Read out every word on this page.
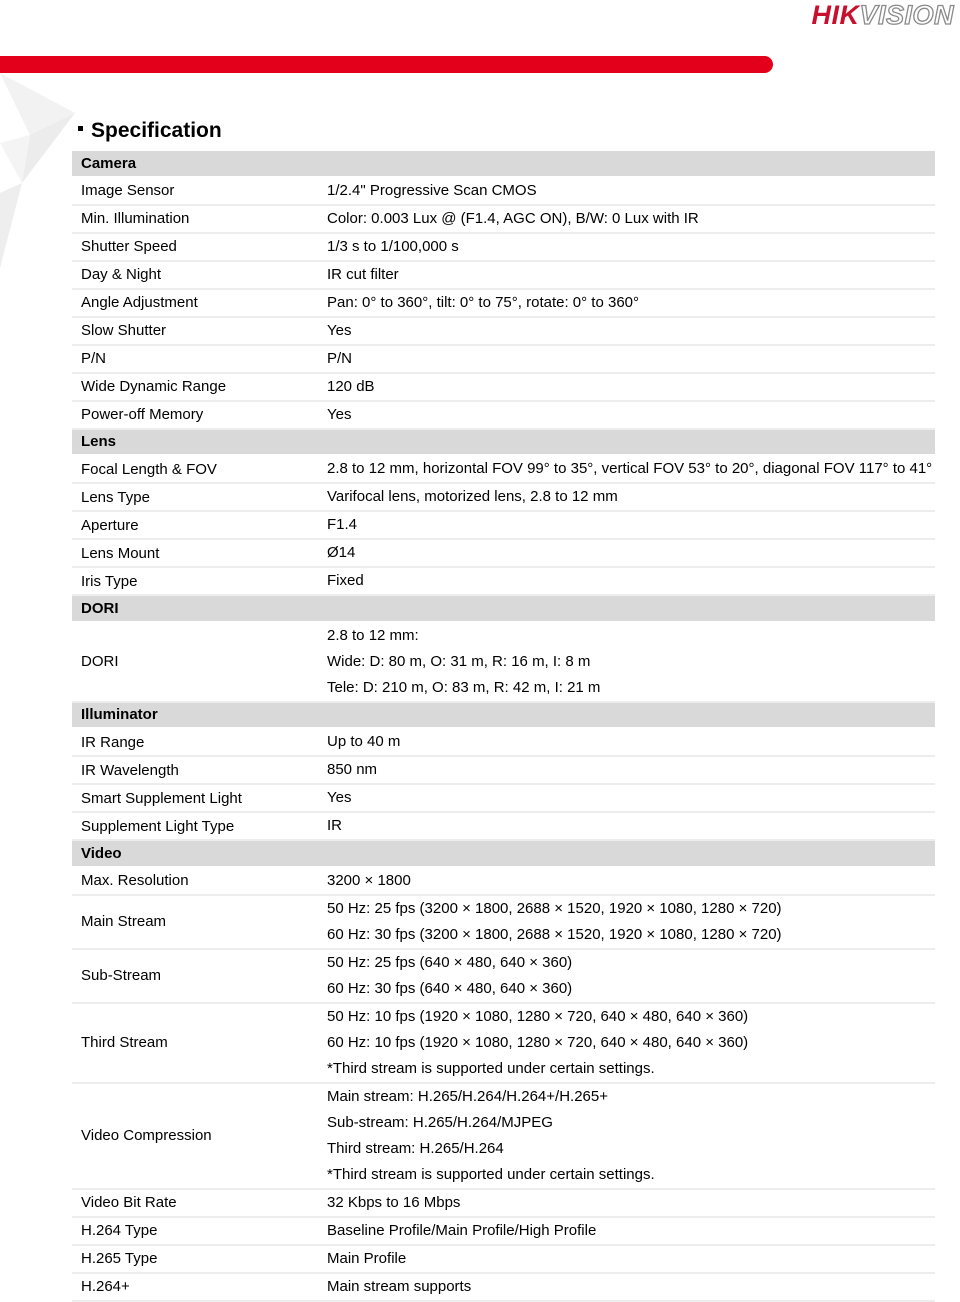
HIKVISION
Specification
Camera	
Image Sensor	1/2.4" Progressive Scan CMOS

Min. Illumination	Color: 0.003 Lux @ (F1.4, AGC ON), B/W: 0 Lux with IR

Shutter Speed	1/3 s to 1/100,000 s

Day & Night	IR cut filter

Angle Adjustment	Pan: 0° to 360°, tilt: 0° to 75°, rotate: 0° to 360°

Slow Shutter	Yes

P/N	P/N

Wide Dynamic Range	120 dB

Power-off Memory	Yes

Lens	
Focal Length & FOV	2.8 to 12 mm, horizontal FOV 99° to 35°, vertical FOV 53° to 20°, diagonal FOV 117° to 41°

Lens Type	Varifocal lens, motorized lens, 2.8 to 12 mm

Aperture	F1.4

Lens Mount	Ø14

Iris Type	Fixed

DORI	
DORI	2.8 to 12 mm:
Wide: D: 80 m, O: 31 m, R: 16 m, I: 8 m
Tele: D: 210 m, O: 83 m, R: 42 m, I: 21 m

Illuminator	
IR Range	Up to 40 m

IR Wavelength	850 nm

Smart Supplement Light	Yes

Supplement Light Type	IR

Video	
Max. Resolution	3200 × 1800

Main Stream	50 Hz: 25 fps (3200 × 1800, 2688 × 1520, 1920 × 1080, 1280 × 720)
60 Hz: 30 fps (3200 × 1800, 2688 × 1520, 1920 × 1080, 1280 × 720)

Sub-Stream	50 Hz: 25 fps (640 × 480, 640 × 360)
60 Hz: 30 fps (640 × 480, 640 × 360)

Third Stream	50 Hz: 10 fps (1920 × 1080, 1280 × 720, 640 × 480, 640 × 360)
60 Hz: 10 fps (1920 × 1080, 1280 × 720, 640 × 480, 640 × 360)
*Third stream is supported under certain settings.

Video Compression	Main stream: H.265/H.264/H.264+/H.265+
Sub-stream: H.265/H.264/MJPEG
Third stream: H.265/H.264
*Third stream is supported under certain settings.

Video Bit Rate	32 Kbps to 16 Mbps

H.264 Type	Baseline Profile/Main Profile/High Profile

H.265 Type	Main Profile

H.264+	Main stream supports
